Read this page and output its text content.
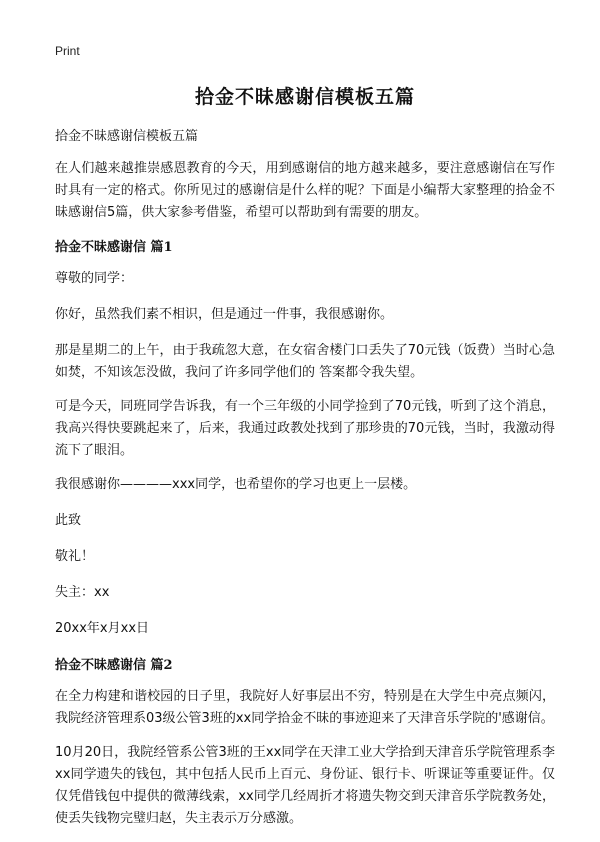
Print
拾金不昧感谢信模板五篇
拾金不昧感谢信模板五篇

在人们越来越推崇感恩教育的今天，用到感谢信的地方越来越多，要注意感谢信在写作时具有一定的格式。你所见过的感谢信是什么样的呢？下面是小编帮大家整理的拾金不昧感谢信5篇，供大家参考借鉴，希望可以帮助到有需要的朋友。

拾金不昧感谢信 篇1

尊敬的同学：

你好，虽然我们素不相识，但是通过一件事，我很感谢你。

那是星期二的上午，由于我疏忽大意，在女宿舍楼门口丢失了70元钱（饭费）当时心急如焚，不知该怎没做，我问了许多同学他们的 答案都令我失望。

可是今天，同班同学告诉我，有一个三年级的小同学捡到了70元钱，听到了这个消息，我高兴得快要跳起来了，后来，我通过政教处找到了那珍贵的70元钱，当时，我激动得流下了眼泪。

我很感谢你————xxx同学，也希望你的学习也更上一层楼。

此致

敬礼！

失主：xx

20xx年x月xx日

拾金不昧感谢信 篇2

在全力构建和谐校园的日子里，我院好人好事层出不穷，特别是在大学生中亮点频闪，我院经济管理系03级公管3班的xx同学拾金不昧的事迹迎来了天津音乐学院的'感谢信。

10月20日，我院经管系公管3班的王xx同学在天津工业大学拾到天津音乐学院管理系李xx同学遗失的钱包，其中包括人民币上百元、身份证、银行卡、听课证等重要证件。仅仅凭借钱包中提供的微薄线索，xx同学几经周折才将遗失物交到天津音乐学院教务处，使丢失钱物完璧归赵，失主表示万分感激。
